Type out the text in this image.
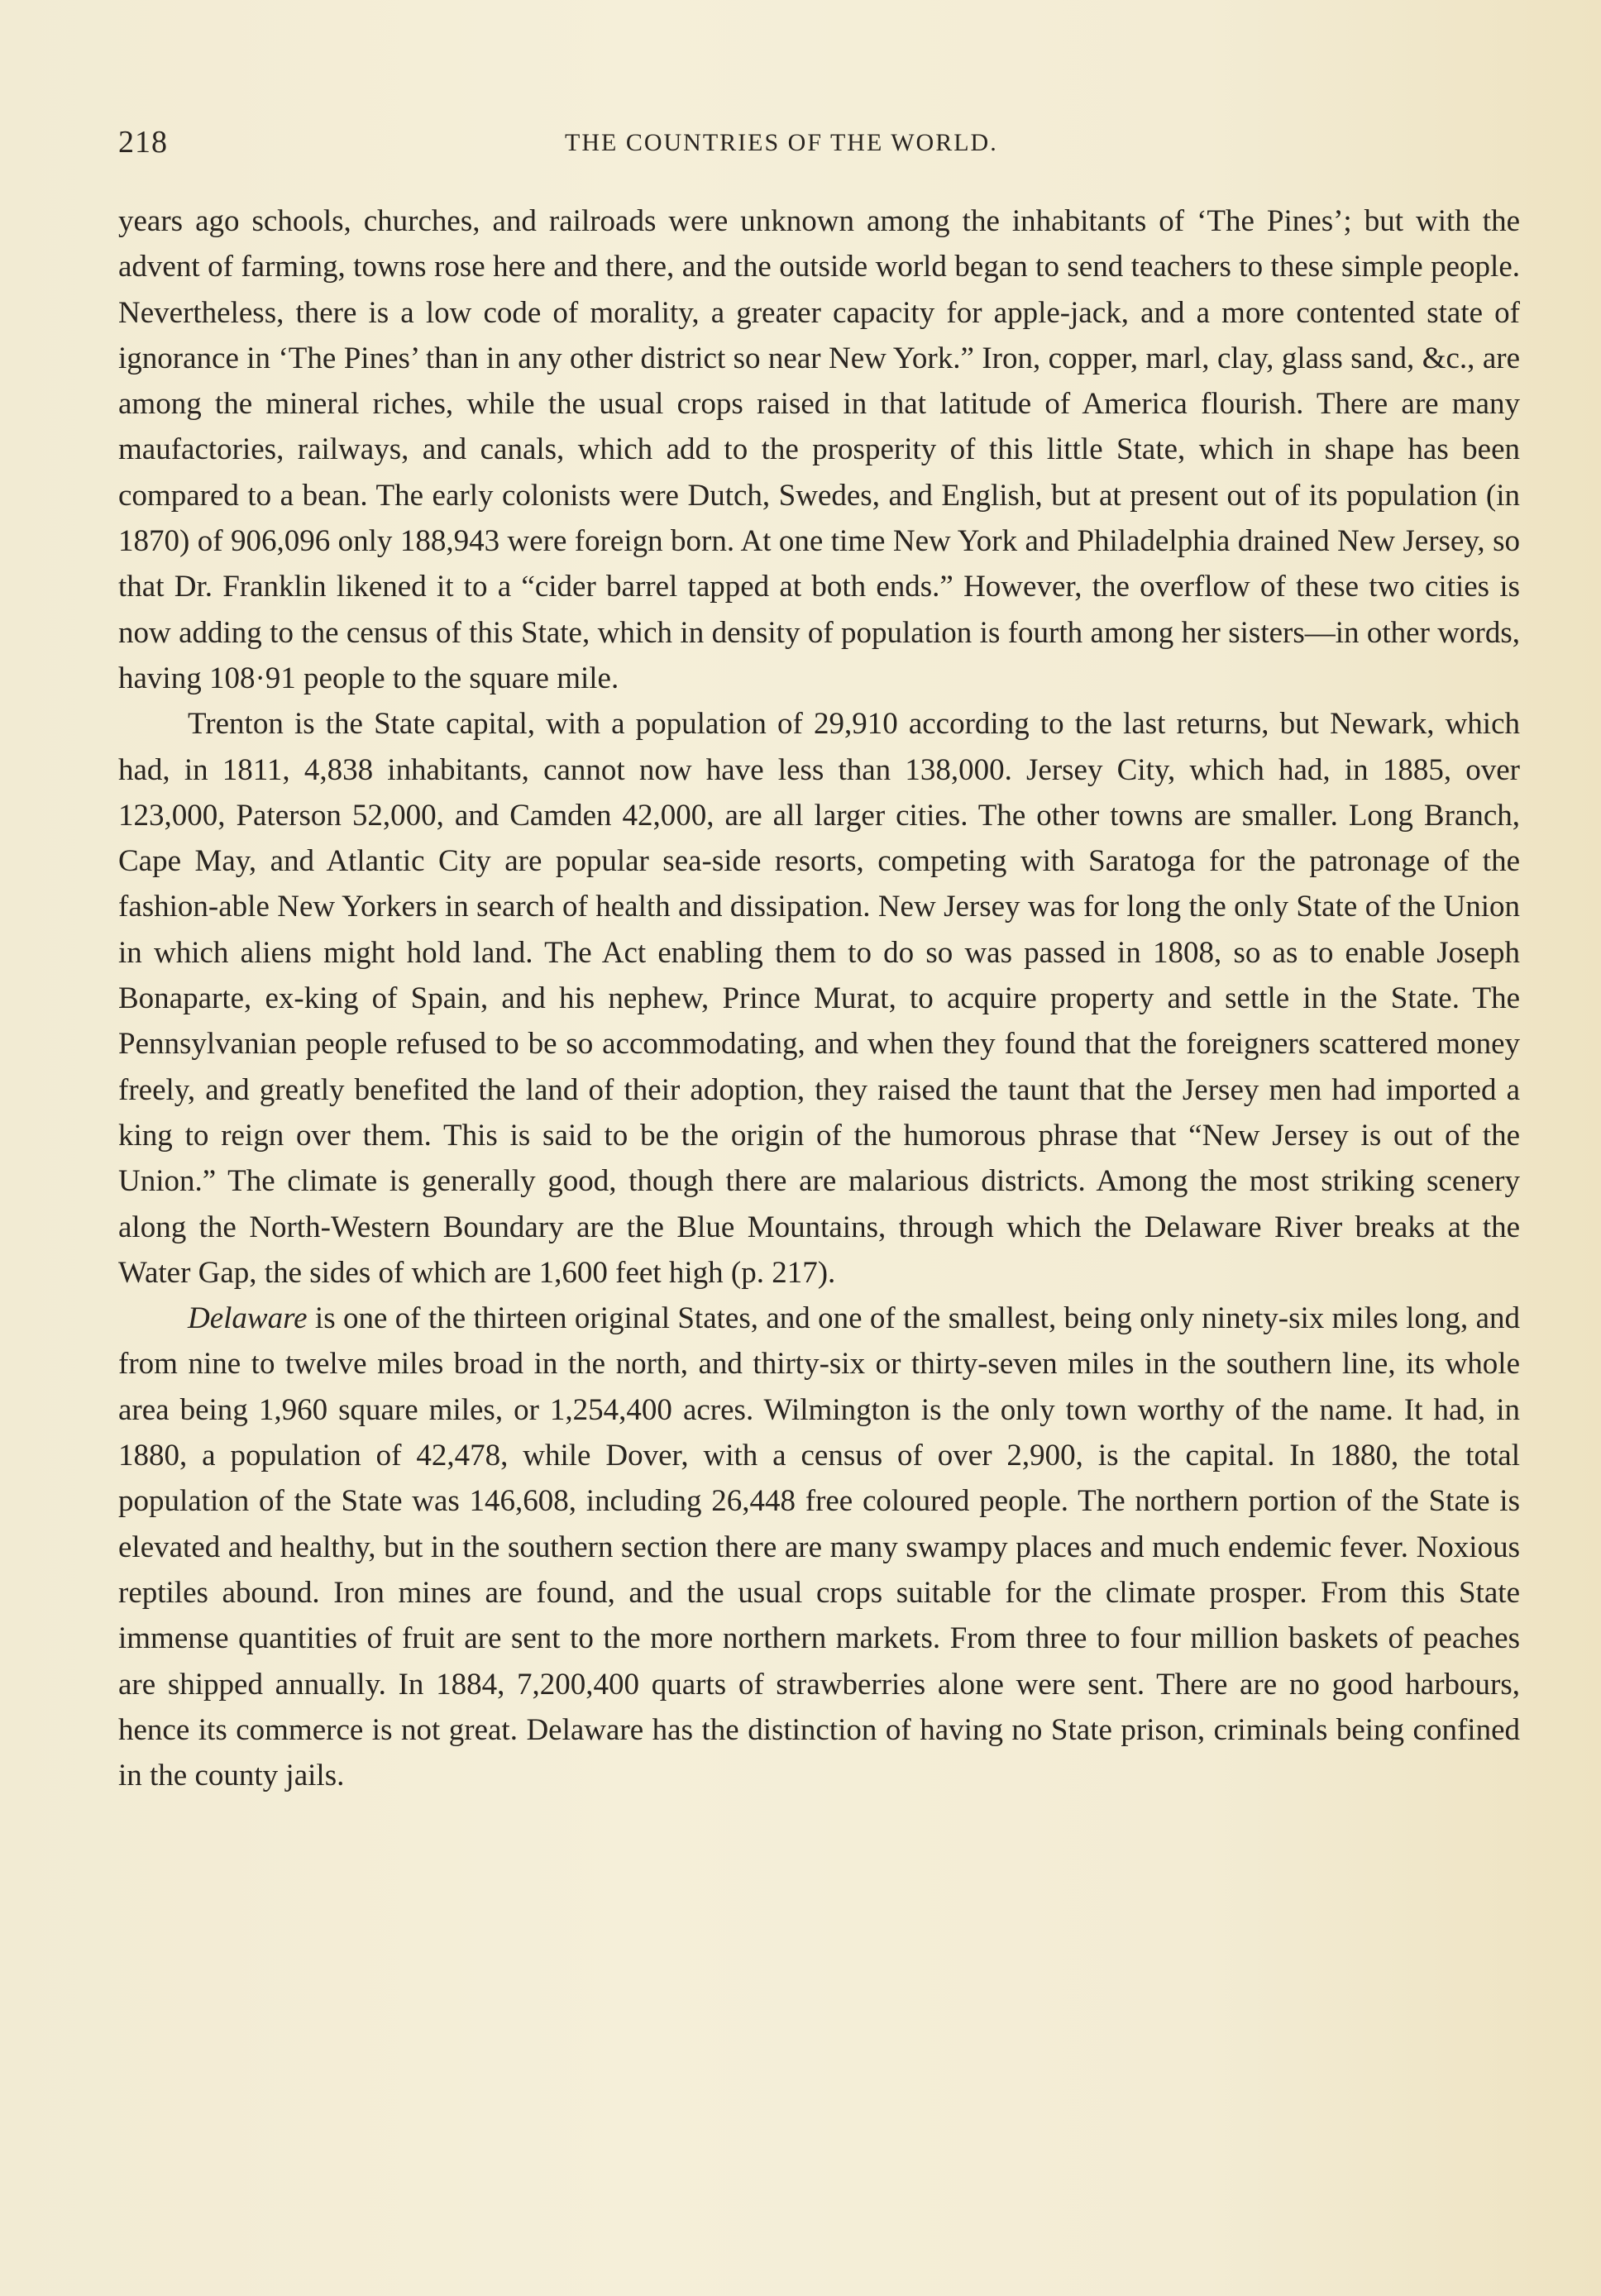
218	THE COUNTRIES OF THE WORLD.

years ago schools, churches, and railroads were unknown among the inhabitants of ‘The Pines’; but with the advent of farming, towns rose here and there, and the outside world began to send teachers to these simple people. Nevertheless, there is a low code of morality, a greater capacity for apple-jack, and a more contented state of ignorance in ‘The Pines’ than in any other district so near New York.” Iron, copper, marl, clay, glass sand, &c., are among the mineral riches, while the usual crops raised in that latitude of America flourish. There are many maufactories, railways, and canals, which add to the prosperity of this little State, which in shape has been compared to a bean. The early colonists were Dutch, Swedes, and English, but at present out of its population (in 1870) of 906,096 only 188,943 were foreign born. At one time New York and Philadelphia drained New Jersey, so that Dr. Franklin likened it to a “cider barrel tapped at both ends.” However, the overflow of these two cities is now adding to the census of this State, which in density of population is fourth among her sisters—in other words, having 108·91 people to the square mile.

Trenton is the State capital, with a population of 29,910 according to the last returns, but Newark, which had, in 1811, 4,838 inhabitants, cannot now have less than 138,000. Jersey City, which had, in 1885, over 123,000, Paterson 52,000, and Camden 42,000, are all larger cities. The other towns are smaller. Long Branch, Cape May, and Atlantic City are popular sea-side resorts, competing with Saratoga for the patronage of the fashion-able New Yorkers in search of health and dissipation. New Jersey was for long the only State of the Union in which aliens might hold land. The Act enabling them to do so was passed in 1808, so as to enable Joseph Bonaparte, ex-king of Spain, and his nephew, Prince Murat, to acquire property and settle in the State. The Pennsylvanian people refused to be so accommodating, and when they found that the foreigners scattered money freely, and greatly benefited the land of their adoption, they raised the taunt that the Jersey men had imported a king to reign over them. This is said to be the origin of the humorous phrase that “New Jersey is out of the Union.” The climate is generally good, though there are malarious districts. Among the most striking scenery along the North-Western Boundary are the Blue Mountains, through which the Delaware River breaks at the Water Gap, the sides of which are 1,600 feet high (p. 217).

Delaware is one of the thirteen original States, and one of the smallest, being only ninety-six miles long, and from nine to twelve miles broad in the north, and thirty-six or thirty-seven miles in the southern line, its whole area being 1,960 square miles, or 1,254,400 acres. Wilmington is the only town worthy of the name. It had, in 1880, a population of 42,478, while Dover, with a census of over 2,900, is the capital. In 1880, the total population of the State was 146,608, including 26,448 free coloured people. The northern portion of the State is elevated and healthy, but in the southern section there are many swampy places and much endemic fever. Noxious reptiles abound. Iron mines are found, and the usual crops suitable for the climate prosper. From this State immense quantities of fruit are sent to the more northern markets. From three to four million baskets of peaches are shipped annually. In 1884, 7,200,400 quarts of strawberries alone were sent. There are no good harbours, hence its commerce is not great. Delaware has the distinction of having no State prison, criminals being confined in the county jails.
